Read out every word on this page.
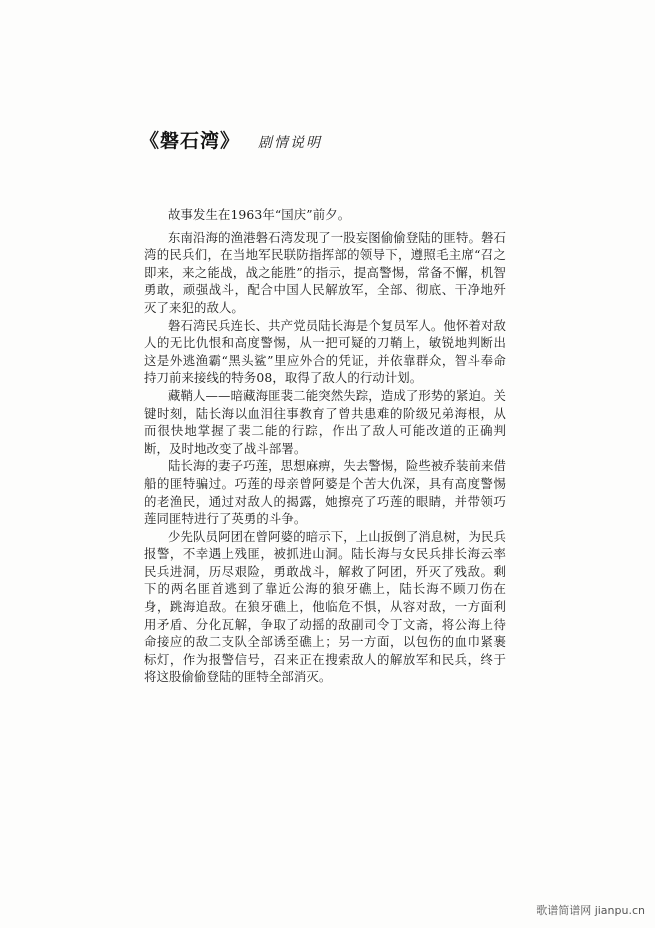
《磐石湾》 剧情说明

故事发生在1963年“国庆”前夕。

东南沿海的渔港磐石湾发现了一股妄图偷偷登陆的匪特。磐石湾的民兵们，在当地军民联防指挥部的领导下，遵照毛主席“召之即来，来之能战，战之能胜”的指示，提高警惕，常备不懈，机智勇敢，顽强战斗，配合中国人民解放军，全部、彻底、干净地歼灭了来犯的敌人。

磐石湾民兵连长、共产党员陆长海是个复员军人。他怀着对敌人的无比仇恨和高度警惕，从一把可疑的刀鞘上，敏锐地判断出这是外逃渔霸“黑头鲨”里应外合的凭证，并依靠群众，智斗奉命持刀前来接线的特务08，取得了敌人的行动计划。

藏鞘人——暗藏海匪裴二能突然失踪，造成了形势的紧迫。关键时刻，陆长海以血泪往事教育了曾共患难的阶级兄弟海根，从而很快地掌握了裴二能的行踪，作出了敌人可能改道的正确判断，及时地改变了战斗部署。

陆长海的妻子巧莲，思想麻痹，失去警惕，险些被乔装前来借船的匪特骗过。巧莲的母亲曾阿婆是个苦大仇深，具有高度警惕的老渔民，通过对敌人的揭露，她擦亮了巧莲的眼睛，并带领巧莲同匪特进行了英勇的斗争。

少先队员阿团在曾阿婆的暗示下，上山扳倒了消息树，为民兵报警，不幸遇上残匪，被抓进山洞。陆长海与女民兵排长海云率民兵进洞，历尽艰险，勇敢战斗，解救了阿团，歼灭了残敌。剩下的两名匪首逃到了靠近公海的狼牙礁上，陆长海不顾刀伤在身，跳海追敌。在狼牙礁上，他临危不惧，从容对敌，一方面利用矛盾、分化瓦解，争取了动摇的敌副司令丁文斋，将公海上待命接应的敌二支队全部诱至礁上；另一方面，以包伤的血巾紧裹标灯，作为报警信号，召来正在搜索敌人的解放军和民兵，终于将这股偷偷登陆的匪特全部消灭。

歌谱简谱网 jianpu.cn
